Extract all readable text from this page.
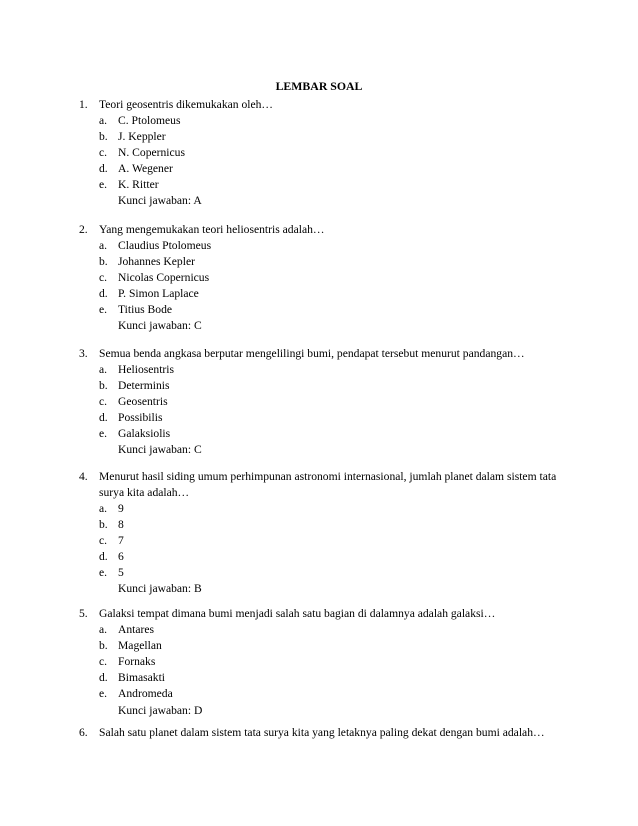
LEMBAR SOAL
1. Teori geosentris dikemukakan oleh…
a. C. Ptolomeus
b. J. Keppler
c. N. Copernicus
d. A. Wegener
e. K. Ritter
Kunci jawaban: A
2. Yang mengemukakan teori heliosentris adalah…
a. Claudius Ptolomeus
b. Johannes Kepler
c. Nicolas Copernicus
d. P. Simon Laplace
e. Titius Bode
Kunci jawaban: C
3. Semua benda angkasa berputar mengelilingi bumi, pendapat tersebut menurut pandangan…
a. Heliosentris
b. Determinis
c. Geosentris
d. Possibilis
e. Galaksiolis
Kunci jawaban: C
4. Menurut hasil siding umum perhimpunan astronomi internasional, jumlah planet dalam sistem tata
surya kita adalah…
a. 9
b. 8
c. 7
d. 6
e. 5
Kunci jawaban: B
5. Galaksi tempat dimana bumi menjadi salah satu bagian di dalamnya adalah galaksi…
a. Antares
b. Magellan
c. Fornaks
d. Bimasakti
e. Andromeda
Kunci jawaban: D
6. Salah satu planet dalam sistem tata surya kita yang letaknya paling dekat dengan bumi adalah…
